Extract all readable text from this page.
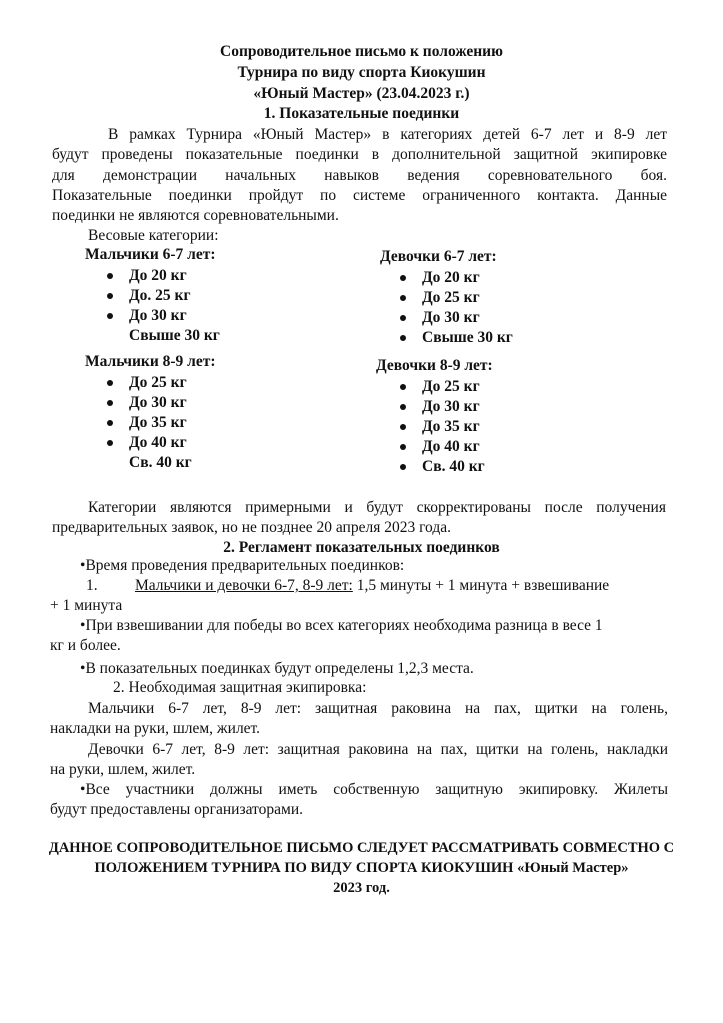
Сопроводительное письмо к положению
Турнира по виду спорта Киокушин
«Юный Мастер» (23.04.2023 г.)
1. Показательные поединки
В рамках Турнира «Юный Мастер» в категориях детей 6-7 лет и 8-9 лет
будут проведены показательные поединки в дополнительной защитной экипировке
для демонстрации начальных навыков ведения соревновательного боя.
Показательные поединки пройдут по системе ограниченного контакта. Данные
поединки не являются соревновательными.
Весовые категории:
Мальчики 6-7 лет:
До 20 кг
До. 25 кг
До 30 кг
Свыше 30 кг
Девочки 6-7 лет:
До 20 кг
До 25 кг
До 30 кг
Свыше 30 кг
Мальчики 8-9 лет:
До 25 кг
До 30 кг
До 35 кг
До 40 кг
Св. 40 кг
Девочки 8-9 лет:
До 25 кг
До 30 кг
До 35 кг
До 40 кг
Св. 40 кг
Категории являются примерными и будут скорректированы после получения
предварительных заявок, но не позднее 20 апреля 2023 года.
2. Регламент показательных поединков
•Время проведения предварительных поединков:
1. Мальчики и девочки 6-7, 8-9 лет: 1,5 минуты + 1 минута + взвешивание
+ 1 минута
•При взвешивании для победы во всех категориях необходима разница в весе 1
кг и более.
•В показательных поединках будут определены 1,2,3 места.
2. Необходимая защитная экипировка:
Мальчики 6-7 лет, 8-9 лет: защитная раковина на пах, щитки на голень,
накладки на руки, шлем, жилет.
Девочки 6-7 лет, 8-9 лет: защитная раковина на пах, щитки на голень, накладки
на руки, шлем, жилет.
•Все участники должны иметь собственную защитную экипировку. Жилеты
будут предоставлены организаторами.
ДАННОЕ СОПРОВОДИТЕЛЬНОЕ ПИСЬМО СЛЕДУЕТ РАССМАТРИВАТЬ СОВМЕСТНО С
ПОЛОЖЕНИЕМ ТУРНИРА ПО ВИДУ СПОРТА КИОКУШИН «Юный Мастер»
2023 год.
